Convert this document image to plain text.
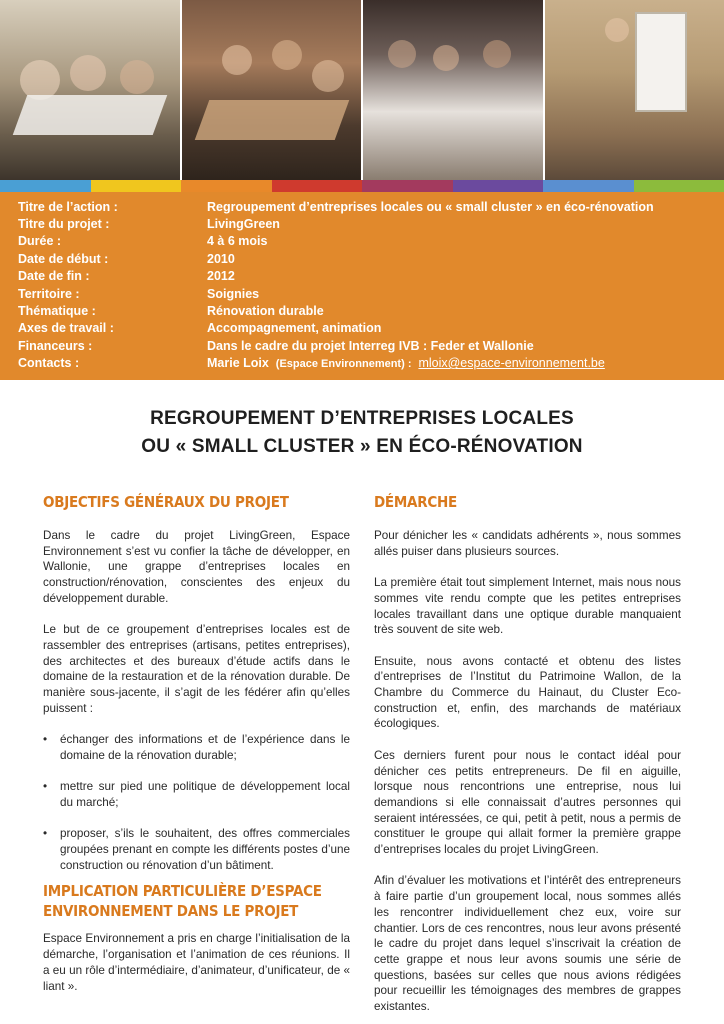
Titre de l’action :	Regroupement d’entreprises locales ou « small cluster » en éco-rénovation
Titre du projet :	LivingGreen
Durée :	4 à 6 mois
Date de début :	2010
Date de fin :	2012
Territoire :	Soignies
Thématique :	Rénovation durable
Axes de travail :	Accompagnement, animation
Financeurs :	Dans le cadre du projet Interreg IVB : Feder et Wallonie
Contacts :	Marie Loix (Espace Environnement) : mloix@espace-environnement.be
REGROUPEMENT D’ENTREPRISES LOCALES
OU « SMALL CLUSTER » EN ÉCO-RÉNOVATION
OBJECTIFS GÉNÉRAUX DU PROJET

Dans le cadre du projet LivingGreen, Espace Environnement s’est vu confier la tâche de développer, en Wallonie, une grappe d’entreprises locales en construction/rénovation, conscientes des enjeux du développement durable.

Le but de ce groupement d’entreprises locales est de rassembler des entreprises (artisans, petites entreprises), des architectes et des bureaux d’étude actifs dans le domaine de la restauration et de la rénovation durable. De manière sous-jacente, il s’agit de les fédérer afin qu’elles puissent :

• échanger des informations et de l’expérience dans le domaine de la rénovation durable;
• mettre sur pied une politique de développement local du marché;
• proposer, s’ils le souhaitent, des offres commerciales groupées prenant en compte les différents postes d’une construction ou rénovation d’un bâtiment.
IMPLICATION PARTICULIÈRE D’ESPACE ENVIRONNEMENT DANS LE PROJET

Espace Environnement a pris en charge l’initialisation de la démarche, l’organisation et l’animation de ces réunions. Il a eu un rôle d’intermédiaire, d’animateur, d’unificateur, de « liant ».

DÉMARCHE

Pour dénicher les « candidats adhérents », nous sommes allés puiser dans plusieurs sources.

La première était tout simplement Internet, mais nous nous sommes vite rendu compte que les petites entreprises locales travaillant dans une optique durable manquaient très souvent de site web.

Ensuite, nous avons contacté et obtenu des listes d’entreprises de l’Institut du Patrimoine Wallon, de la Chambre du Commerce du Hainaut, du Cluster Eco-construction et, enfin, des marchands de matériaux écologiques.

Ces derniers furent pour nous le contact idéal pour dénicher ces petits entrepreneurs. De fil en aiguille, lorsque nous rencontrions une entreprise, nous lui demandions si elle connaissait d’autres personnes qui seraient intéressées, ce qui, petit à petit, nous a permis de constituer le groupe qui allait former la première grappe d’entreprises locales du projet LivingGreen.

Afin d’évaluer les motivations et l’intérêt des entrepreneurs à faire partie d’un groupement local, nous sommes allés les rencontrer individuellement chez eux, voire sur chantier. Lors de ces rencontres, nous leur avons présenté le cadre du projet dans lequel s’inscrivait la création de cette grappe et nous leur avons soumis une série de questions, basées sur celles que nous avions rédigées pour recueillir les témoignages des membres de grappes existantes.
